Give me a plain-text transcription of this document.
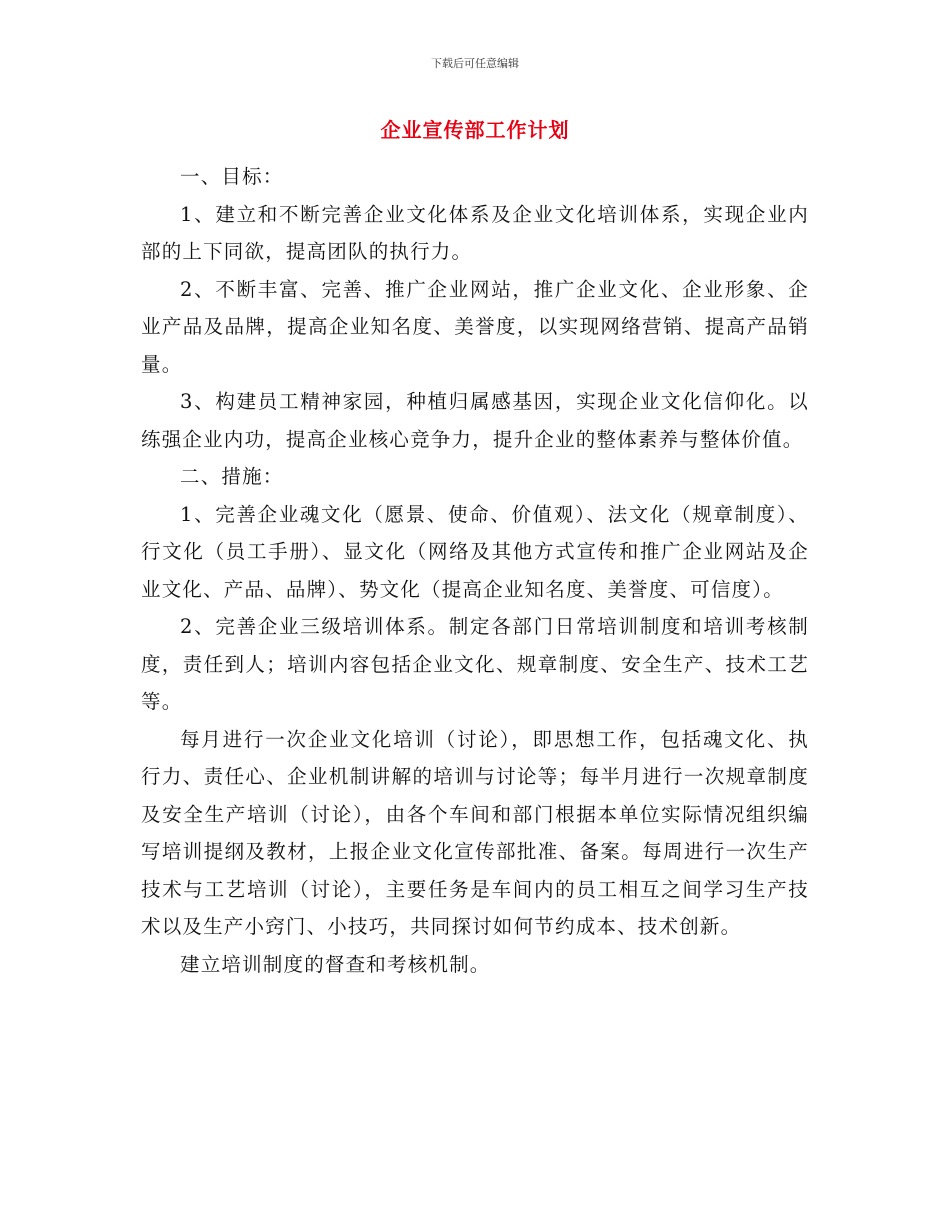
下载后可任意编辑
企业宣传部工作计划

一、目标：

1、建立和不断完善企业文化体系及企业文化培训体系，实现企业内部的上下同欲，提高团队的执行力。

2、不断丰富、完善、推广企业网站，推广企业文化、企业形象、企业产品及品牌，提高企业知名度、美誉度，以实现网络营销、提高产品销量。

3、构建员工精神家园，种植归属感基因，实现企业文化信仰化。以练强企业内功，提高企业核心竞争力，提升企业的整体素养与整体价值。

二、措施：

1、完善企业魂文化（愿景、使命、价值观）、法文化（规章制度）、行文化（员工手册）、显文化（网络及其他方式宣传和推广企业网站及企业文化、产品、品牌）、势文化（提高企业知名度、美誉度、可信度）。

2、完善企业三级培训体系。制定各部门日常培训制度和培训考核制度，责任到人；培训内容包括企业文化、规章制度、安全生产、技术工艺等。

每月进行一次企业文化培训（讨论），即思想工作，包括魂文化、执行力、责任心、企业机制讲解的培训与讨论等；每半月进行一次规章制度及安全生产培训（讨论），由各个车间和部门根据本单位实际情况组织编写培训提纲及教材，上报企业文化宣传部批准、备案。每周进行一次生产技术与工艺培训（讨论），主要任务是车间内的员工相互之间学习生产技术以及生产小窍门、小技巧，共同探讨如何节约成本、技术创新。

建立培训制度的督查和考核机制。
